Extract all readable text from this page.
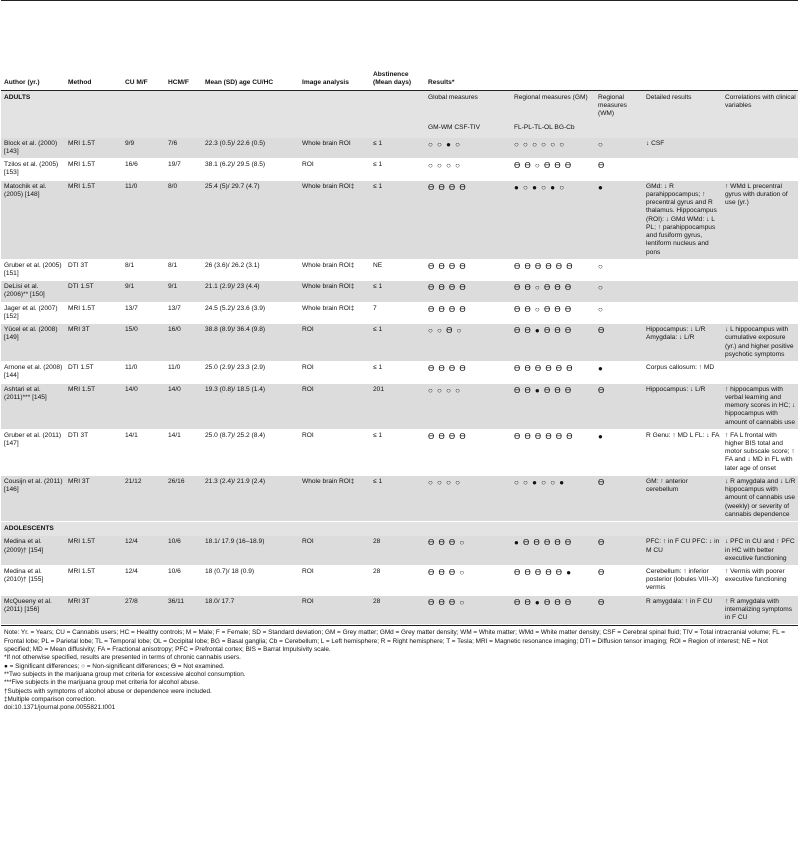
Author (yr.)	Method	CU M/F	HCM/F	Mean (SD) age CU/HC	Image analysis	Abstinence (Mean days)	Results*				
ADULTS							Global measures	Regional measures (GM)	Regional measures (WM)	Detailed results	Correlations with clinical variables
							GM-WM CSF-TIV	FL-PL-TL-OL BG-Cb			
Block et al. (2000) [143]	MRI 1.5T	9/9	7/6	22.3 (0.5)/ 22.6 (0.5)	Whole brain ROI	≤ 1	○ ○ ● ○	○ ○ ○ ○ ○ ○	○	↓ CSF	
Tzilos et al. (2005) [153]	MRI 1.5T	16/6	19/7	38.1 (6.2)/ 29.5 (8.5)	ROI	≤ 1	○ ○ ○ ○	ϴ ϴ ○ ϴ ϴ ϴ	ϴ		
Matochik et al. (2005) [148]	MRI 1.5T	11/0	8/0	25.4 (5)/ 29.7 (4.7)	Whole brain ROI‡	≤ 1	ϴ ϴ ϴ ϴ	● ○ ● ○ ● ○	●	GMd: ↓ R parahippocampus; ↑ precentral gyrus and R thalamus. Hippocampus (ROI): ↓ GMd WMd: ↓ L PL; ↑ parahippocampus and fusiform gyrus, lentiform nucleus and pons	↑ WMd L precentral gyrus with duration of use (yr.)
Gruber et al. (2005) [151]	DTI 3T	8/1	8/1	26 (3.6)/ 26.2 (3.1)	Whole brain ROI‡	NE	ϴ ϴ ϴ ϴ	ϴ ϴ ϴ ϴ ϴ ϴ	○		
DeLisi et al. (2006)** [150]	DTI 1.5T	9/1	9/1	21.1 (2.9)/ 23 (4.4)	Whole brain ROI‡	≤ 1	ϴ ϴ ϴ ϴ	ϴ ϴ ○ ϴ ϴ ϴ	○		
Jager et al. (2007) [152]	MRI 1.5T	13/7	13/7	24.5 (5.2)/ 23.6 (3.9)	Whole brain ROI‡	7	ϴ ϴ ϴ ϴ	ϴ ϴ ○ ϴ ϴ ϴ	○		
Yücel et al. (2008) [149]	MRI 3T	15/0	16/0	38.8 (8.9)/ 36.4 (9.8)	ROI	≤ 1	○ ○ ϴ ○	ϴ ϴ ● ϴ ϴ ϴ	ϴ	Hippocampus: ↓ L/R Amygdala: ↓ L/R	↓ L hippocampus with cumulative exposure (yr.) and higher positive psychotic symptoms
Arnone et al. (2008) [144]	DTI 1.5T	11/0	11/0	25.0 (2.9)/ 23.3 (2.9)	ROI	≤ 1	ϴ ϴ ϴ ϴ	ϴ ϴ ϴ ϴ ϴ ϴ	●	Corpus callosum: ↑ MD	
Ashtari et al. (2011)*** [145]	MRI 1.5T	14/0	14/0	19.3 (0.8)/ 18.5 (1.4)	ROI	201	○ ○ ○ ○	ϴ ϴ ● ϴ ϴ ϴ	ϴ	Hippocampus: ↓ L/R	↑ hippocampus with verbal learning and memory scores in HC; ↓ hippocampus with amount of cannabis use
Gruber et al. (2011) [147]	DTI 3T	14/1	14/1	25.0 (8.7)/ 25.2 (8.4)	ROI	≤ 1	ϴ ϴ ϴ ϴ	ϴ ϴ ϴ ϴ ϴ ϴ	●	R Genu: ↑ MD L FL: ↓ FA	↑ FA L frontal with higher BIS total and motor subscale score; ↑ FA and ↓ MD in FL with later age of onset
Cousijn et al. (2011) [146]	MRI 3T	21/12	26/16	21.3 (2.4)/ 21.9 (2.4)	Whole brain ROI‡	≤ 1	○ ○ ○ ○	○ ○ ● ○ ○ ●	ϴ	GM: ↑ anterior cerebellum	↓ R amygdala and ↓ L/R hippocampus with amount of cannabis use (weekly) or severity of cannabis dependence
ADOLESCENTS											
Medina et al. (2009)† [154]	MRI 1.5T	12/4	10/6	18.1/ 17.9 (16–18.9)	ROI	28	ϴ ϴ ϴ ○	● ϴ ϴ ϴ ϴ ϴ	ϴ	PFC: ↑ in F CU PFC: ↓ in M CU	↓ PFC in CU and ↑ PFC in HC with better executive functioning
Medina et al. (2010)† [155]	MRI 1.5T	12/4	10/6	18 (0.7)/ 18 (0.9)	ROI	28	ϴ ϴ ϴ ○	ϴ ϴ ϴ ϴ ϴ ●	ϴ	Cerebellum: ↑ inferior posterior (lobules VIII–X) vermis	↑ Vermis with poorer executive functioning
McQueeny et al. (2011) [156]	MRI 3T	27/8	36/11	18.0/ 17.7	ROI	28	ϴ ϴ ϴ ○	ϴ ϴ ● ϴ ϴ ϴ	ϴ	R amygdala: ↑ in F CU	↑ R amygdala with internalizing symptoms in F CU
Note: Yr. = Years; CU = Cannabis users; HC = Healthy controls; M = Male; F = Female; SD = Standard deviation; GM = Grey matter; GMd = Grey matter density; WM = White matter; WMd = White matter density; CSF = Cerebral spinal fluid; TIV = Total intracranial volume; FL = Frontal lobe; PL = Parietal lobe; TL = Temporal lobe; OL = Occipital lobe; BG = Basal ganglia; Cb = Cerebellum; L = Left hemisphere; R = Right hemisphere; T = Tesla; MRI = Magnetic resonance imaging; DTI = Diffusion tensor imaging; ROI = Region of interest; NE = Not specified; MD = Mean diffusivity; FA = Fractional anisotropy; PFC = Prefrontal cortex; BIS = Barrat Impulsivity scale.
*If not otherwise specified, results are presented in terms of chronic cannabis users.
● = Significant differences; ○ = Non-significant differences; ϴ = Not examined.
**Two subjects in the marijuana group met criteria for excessive alcohol consumption.
***Five subjects in the marijuana group met criteria for alcohol abuse.
†Subjects with symptoms of alcohol abuse or dependence were included.
‡Multiple comparison correction.
doi:10.1371/journal.pone.0055821.t001
